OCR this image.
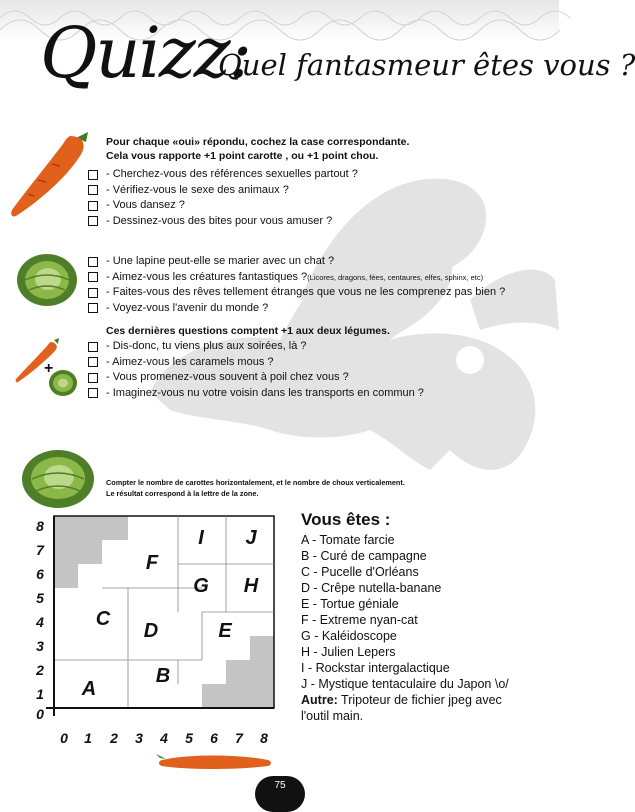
Quizz:
Quel fantasmeur êtes vous ?
Pour chaque «oui» répondu, cochez la case correspondante.
Cela vous rapporte +1 point carotte , ou +1 point chou.
- Cherchez-vous des références sexuelles partout ?
- Vérifiez-vous le sexe des animaux ?
- Vous dansez ?
- Dessinez-vous des bites pour vous amuser ?
- Une lapine peut-elle se marier avec un chat ?
- Aimez-vous les créatures fantastiques ? (Licores, dragons, fées, centaures, elfes, sphinx, etc)
- Faites-vous des rêves tellement étranges que vous ne les comprenez pas bien ?
- Voyez-vous l'avenir du monde ?
Ces dernières questions comptent +1 aux deux légumes.
+
- Dis-donc, tu viens plus aux soirées, là ?
- Aimez-vous les caramels mous ?
- Vous promenez-vous souvent à poil chez vous ?
- Imaginez-vous nu votre voisin dans les transports en commun ?
Compter le nombre de carottes horizontalement, et le nombre de choux verticalement.
Le résultat correspond à la lettre de la zone.
8
7
6
5
4
3
2
1
0
0 1 2 3 4 5 6 7 8
A
B
C
D	E
F
G	H
I	J
Vous êtes :
A - Tomate farcie
B - Curé de campagne
C - Pucelle d'Orléans
D - Crêpe nutella-banane
E - Tortue géniale
F - Extreme nyan-cat
G - Kaléidoscope
H - Julien Lepers
I - Rockstar intergalactique
J - Mystique tentaculaire du Japon \o/
Autre: Tripoteur de fichier jpeg avec
l'outil main.
75
